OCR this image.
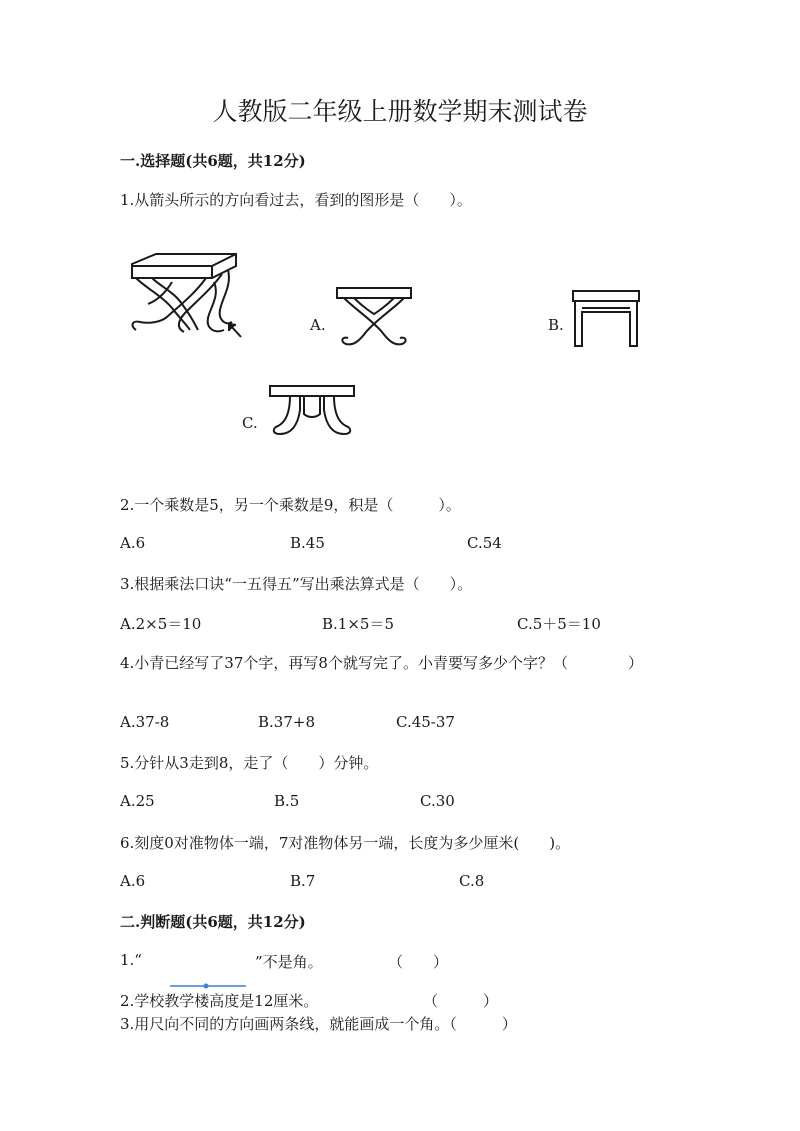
人教版二年级上册数学期末测试卷
一.选择题(共6题，共12分)
1.从箭头所示的方向看过去，看到的图形是（　　）。
A.	B.
C.
2.一个乘数是5，另一个乘数是9，积是（　　　）。
A.6	B.45	C.54
3.根据乘法口诀“一五得五”写出乘法算式是（　　）。
A.2×5＝10	B.1×5＝5	C.5＋5＝10
4.小青已经写了37个字，再写8个就写完了。小青要写多少个字？（　　　　）
A.37-8	B.37+8	C.45-37
5.分针从3走到8，走了（　　）分钟。
A.25	B.5	C.30
6.刻度0对准物体一端，7对准物体另一端，长度为多少厘米(　　)。
A.6	B.7	C.8
二.判断题(共6题，共12分)
1.“	”不是角。	（　　）
2.学校教学楼高度是12厘米。	（　　　）
3.用尺向不同的方向画两条线，就能画成一个角。（　　　）
